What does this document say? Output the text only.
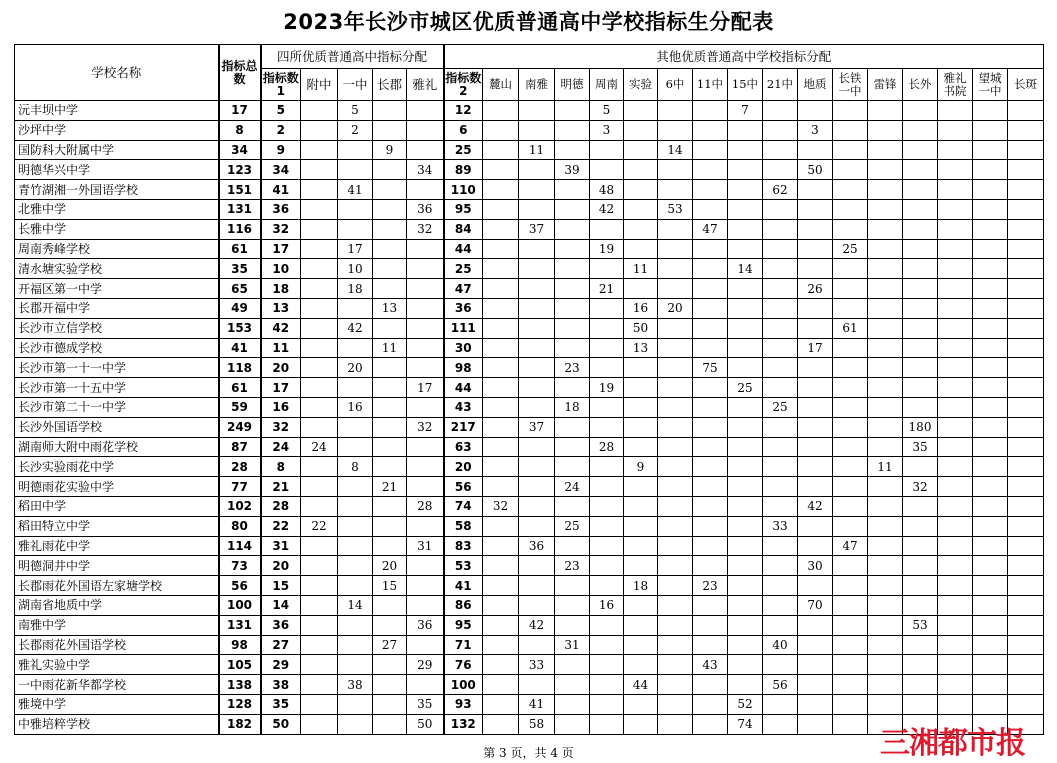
2023年长沙市城区优质普通高中学校指标生分配表
学校名称	指标总数	四所优质普通高中指标分配					其他优质普通高中学校指标分配																
		指标数1	附中	一中	长郡	雅礼	指标数2	麓山	南雅	明德	周南	实验	6中	11中	15中	21中	地质	长铁一中	雷锋	长外	雅礼书院	望城一中	长斑
沅丰坝中学	17	5		5			12				5				7								
沙坪中学	8	2		2			6				3						3						
国防科大附属中学	34	9			9		25		11				14										
明德华兴中学	123	34				34	89			39							50						
青竹湖湘一外国语学校	151	41		41			110				48					62							
北雅中学	131	36				36	95				42		53										
长雅中学	116	32				32	84		37					47									
周南秀峰学校	61	17		17			44				19							25					
清水塘实验学校	35	10		10			25					11			14								
开福区第一中学	65	18		18			47				21						26						
长郡开福中学	49	13			13		36					16	20										
长沙市立信学校	153	42		42			111					50						61					
长沙市德成学校	41	11			11		30					13					17						
长沙市第一十一中学	118	20		20			98			23				75									
长沙市第一十五中学	61	17				17	44				19				25								
长沙市第二十一中学	59	16		16			43			18						25							
长沙外国语学校	249	32				32	217		37											180			
湖南师大附中雨花学校	87	24	24				63				28									35			
长沙实验雨花中学	28	8		8			20					9							11				
明德雨花实验中学	77	21			21		56			24										32			
稻田中学	102	28				28	74	32									42						
稻田特立中学	80	22	22				58			25						33							
雅礼雨花中学	114	31				31	83		36									47					
明德洞井中学	73	20			20		53			23							30						
长郡雨花外国语左家塘学校	56	15			15		41					18		23									
湖南省地质中学	100	14		14			86				16						70						
南雅中学	131	36				36	95		42											53			
长郡雨花外国语学校	98	27			27		71			31						40							
雅礼实验中学	105	29				29	76		33					43									
一中雨花新华都学校	138	38		38			100					44				56							
雅境中学	128	35				35	93		41						52								
中雅培粹学校	182	50				50	132		58						74								
第 3 页，共 4 页	三湘都市报
